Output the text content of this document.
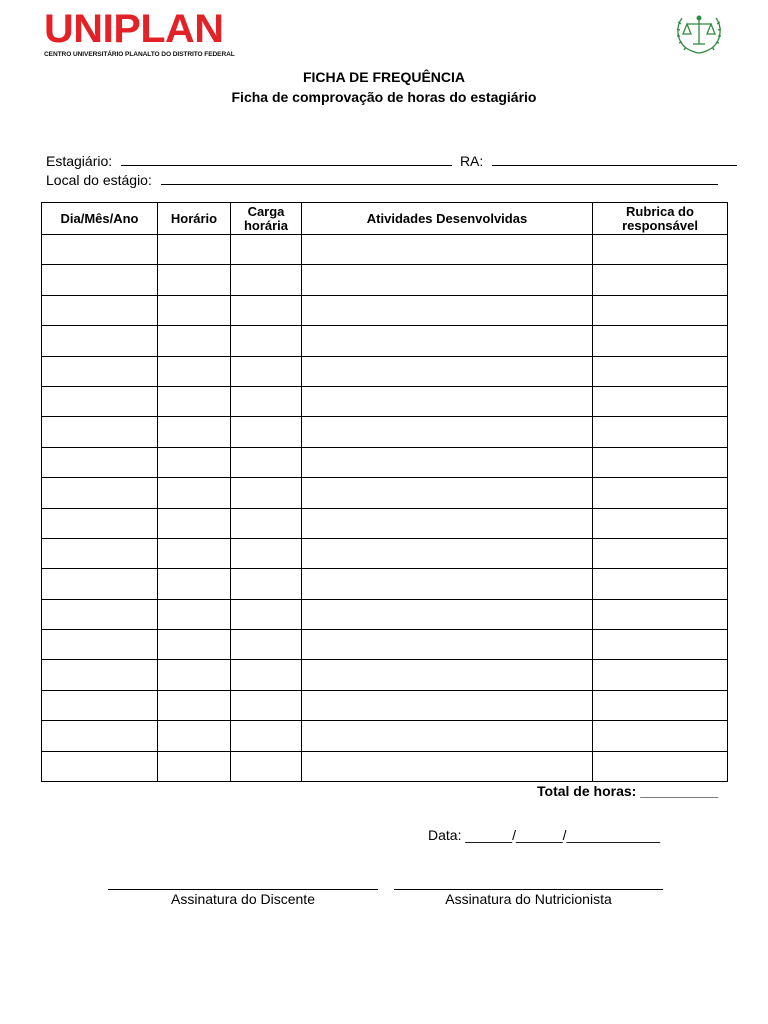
UNIPLAN
CENTRO UNIVERSITÁRIO PLANALTO DO DISTRITO FEDERAL
FICHA DE FREQUÊNCIA
Ficha de comprovação de horas do estagiário
Estagiário:	RA:
Local do estágio:
Dia/Mês/Ano	Horário	Carga horária	Atividades Desenvolvidas	Rubrica do responsável

Total de horas: __________
Data: ______/______/____________
Assinatura do Discente	Assinatura do Nutricionista
